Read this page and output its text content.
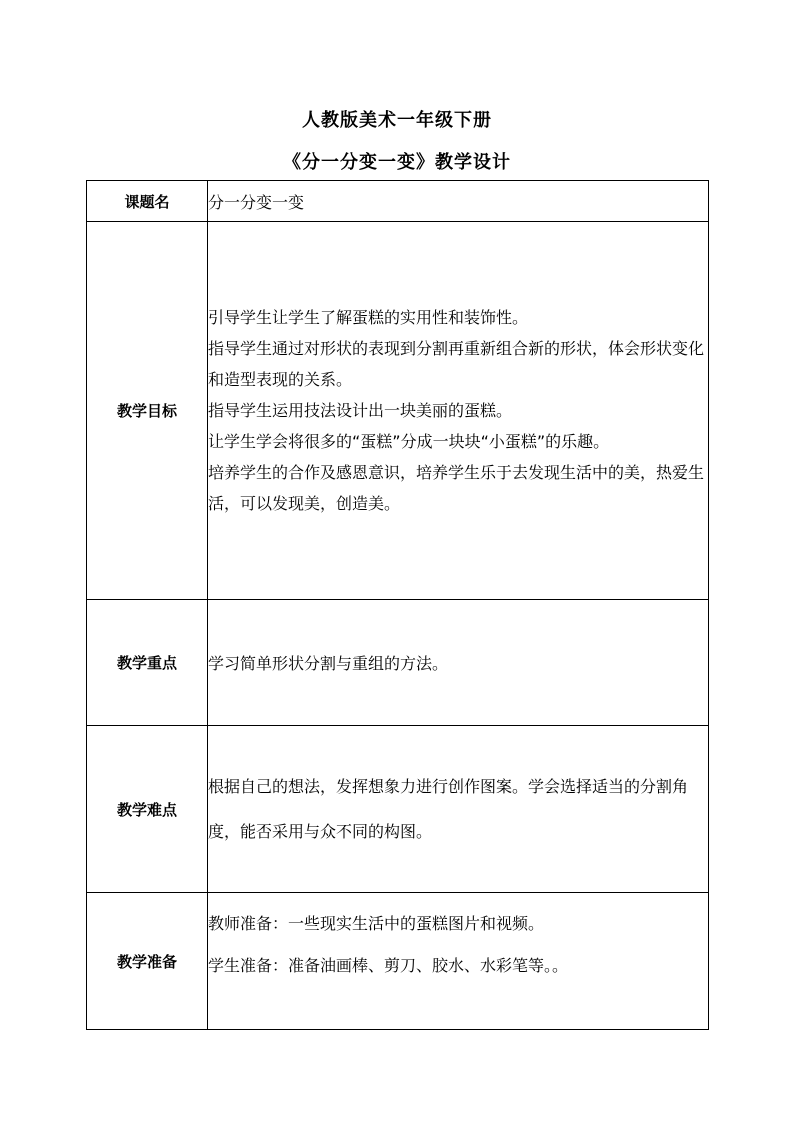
人教版美术一年级下册
《分一分变一变》教学设计
课题名	分一分变一变
教学目标	引导学生让学生了解蛋糕的实用性和装饰性。
指导学生通过对形状的表现到分割再重新组合新的形状，体会形状变化和造型表现的关系。
指导学生运用技法设计出一块美丽的蛋糕。
让学生学会将很多的“蛋糕”分成一块块“小蛋糕”的乐趣。
培养学生的合作及感恩意识，培养学生乐于去发现生活中的美，热爱生活，可以发现美，创造美。

教学重点	学习简单形状分割与重组的方法。
教学难点	根据自己的想法，发挥想象力进行创作图案。学会选择适当的分割角度，能否采用与众不同的构图。

教学准备	教师准备：一些现实生活中的蛋糕图片和视频。
学生准备：准备油画棒、剪刀、胶水、水彩笔等。。
